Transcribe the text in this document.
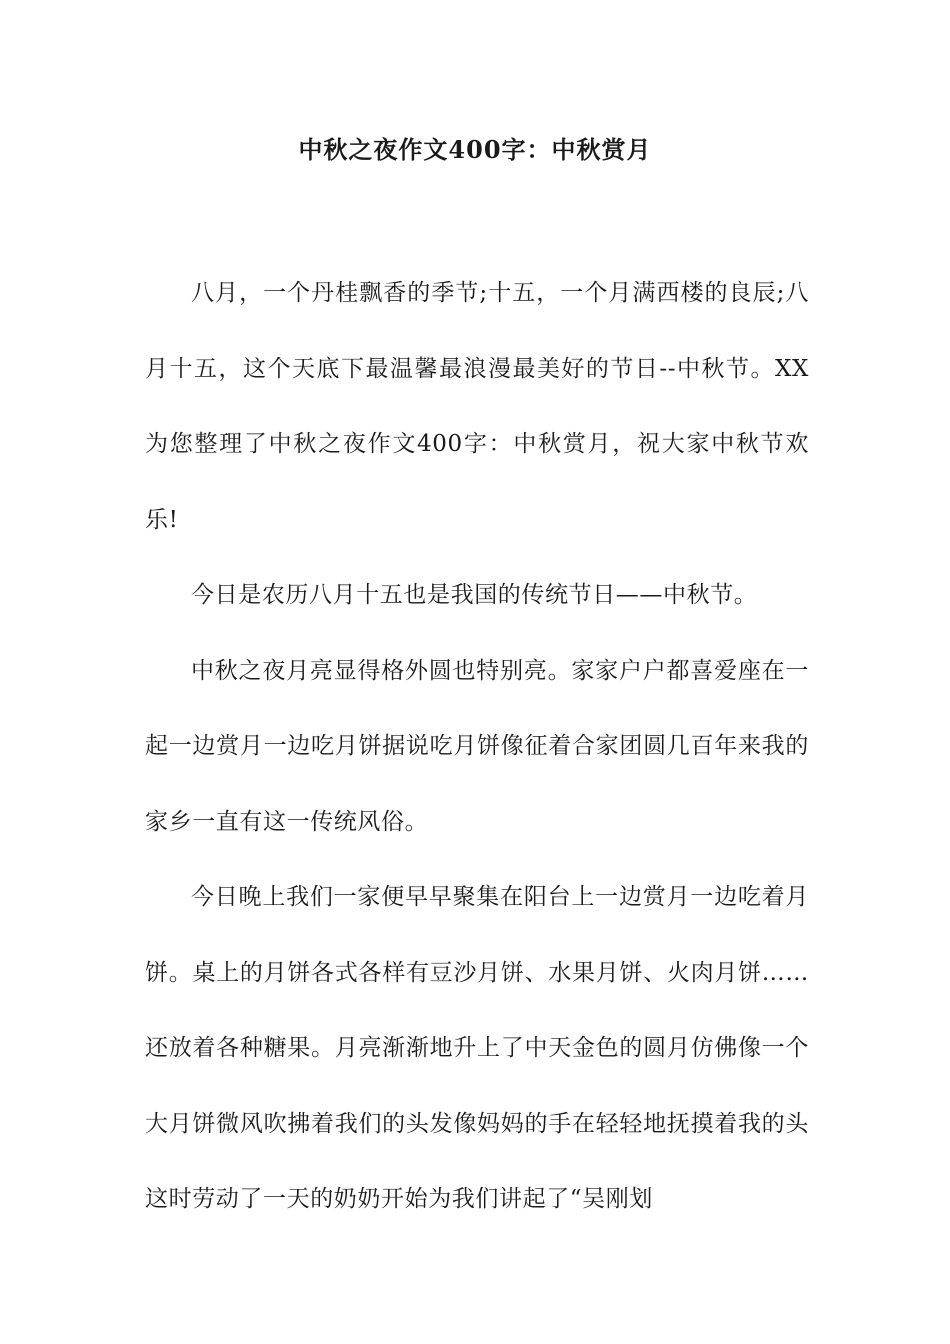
中秋之夜作文400字：中秋赏月

八月，一个丹桂飘香的季节;十五，一个月满西楼的良辰;八月十五，这个天底下最温馨最浪漫最美好的节日--中秋节。XX为您整理了中秋之夜作文400字：中秋赏月，祝大家中秋节欢乐!

今日是农历八月十五也是我国的传统节日——中秋节。

中秋之夜月亮显得格外圆也特别亮。家家户户都喜爱座在一起一边赏月一边吃月饼据说吃月饼像征着合家团圆几百年来我的家乡一直有这一传统风俗。

今日晚上我们一家便早早聚集在阳台上一边赏月一边吃着月饼。桌上的月饼各式各样有豆沙月饼、水果月饼、火肉月饼……还放着各种糖果。月亮渐渐地升上了中天金色的圆月仿佛像一个大月饼微风吹拂着我们的头发像妈妈的手在轻轻地抚摸着我的头这时劳动了一天的奶奶开始为我们讲起了“吴刚划
